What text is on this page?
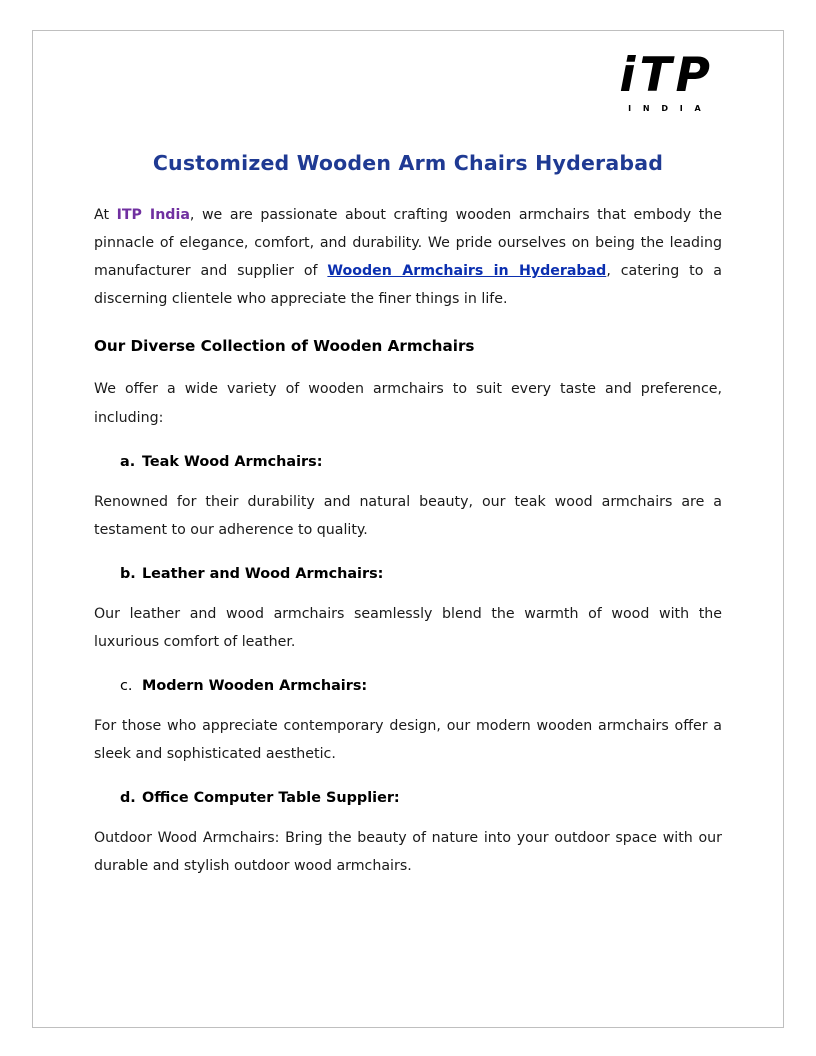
iTP
I N D I A
Customized Wooden Arm Chairs Hyderabad

At ITP India, we are passionate about crafting wooden armchairs that embody the pinnacle of elegance, comfort, and durability. We pride ourselves on being the leading manufacturer and supplier of Wooden Armchairs in Hyderabad, catering to a discerning clientele who appreciate the finer things in life.

Our Diverse Collection of Wooden Armchairs

We offer a wide variety of wooden armchairs to suit every taste and preference, including:

a. Teak Wood Armchairs:

Renowned for their durability and natural beauty, our teak wood armchairs are a testament to our adherence to quality.

b. Leather and Wood Armchairs:

Our leather and wood armchairs seamlessly blend the warmth of wood with the luxurious comfort of leather.

c. Modern Wooden Armchairs:

For those who appreciate contemporary design, our modern wooden armchairs offer a sleek and sophisticated aesthetic.

d. Office Computer Table Supplier:

Outdoor Wood Armchairs: Bring the beauty of nature into your outdoor space with our durable and stylish outdoor wood armchairs.
